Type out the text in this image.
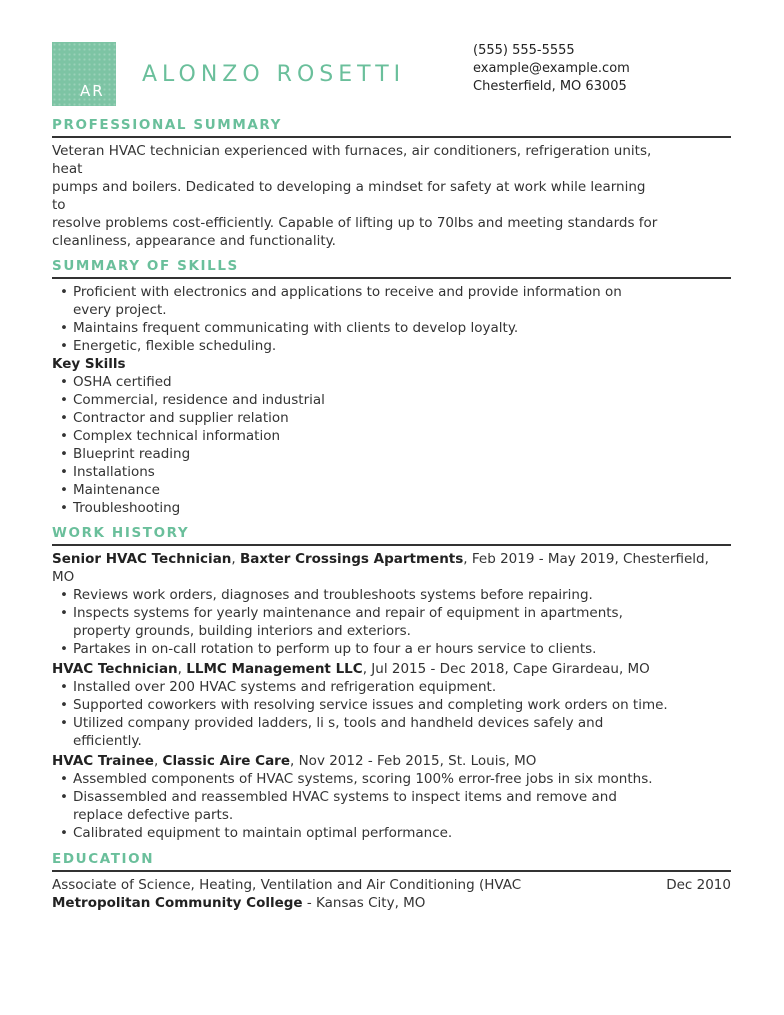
AR
ALONZO ROSETTI
(555) 555-5555
example@example.com
Chesterfield, MO 63005
PROFESSIONAL SUMMARY
Veteran HVAC technician experienced with furnaces, air conditioners, refrigeration units,
heat
pumps and boilers. Dedicated to developing a mindset for safety at work while learning
to
resolve problems cost-efficiently. Capable of lifting up to 70lbs and meeting standards for
cleanliness, appearance and functionality.
SUMMARY OF SKILLS
• Proficient with electronics and applications to receive and provide information on
every project.
• Maintains frequent communicating with clients to develop loyalty.
• Energetic, flexible scheduling.
Key Skills
• OSHA certified
• Commercial, residence and industrial
• Contractor and supplier relation
• Complex technical information
• Blueprint reading
• Installations
• Maintenance
• Troubleshooting
WORK HISTORY
Senior HVAC Technician, Baxter Crossings Apartments, Feb 2019 - May 2019, Chesterfield,
MO
• Reviews work orders, diagnoses and troubleshoots systems before repairing.
• Inspects systems for yearly maintenance and repair of equipment in apartments,
property grounds, building interiors and exteriors.
• Partakes in on-call rotation to perform up to four a er hours service to clients.
HVAC Technician, LLMC Management LLC, Jul 2015 - Dec 2018, Cape Girardeau, MO
• Installed over 200 HVAC systems and refrigeration equipment.
• Supported coworkers with resolving service issues and completing work orders on time.
• Utilized company provided ladders, li s, tools and handheld devices safely and
efficiently.
HVAC Trainee, Classic Aire Care, Nov 2012 - Feb 2015, St. Louis, MO
• Assembled components of HVAC systems, scoring 100% error-free jobs in six months.
• Disassembled and reassembled HVAC systems to inspect items and remove and
replace defective parts.
• Calibrated equipment to maintain optimal performance.
EDUCATION
Associate of Science, Heating, Ventilation and Air Conditioning (HVAC	Dec 2010
Metropolitan Community College - Kansas City, MO
